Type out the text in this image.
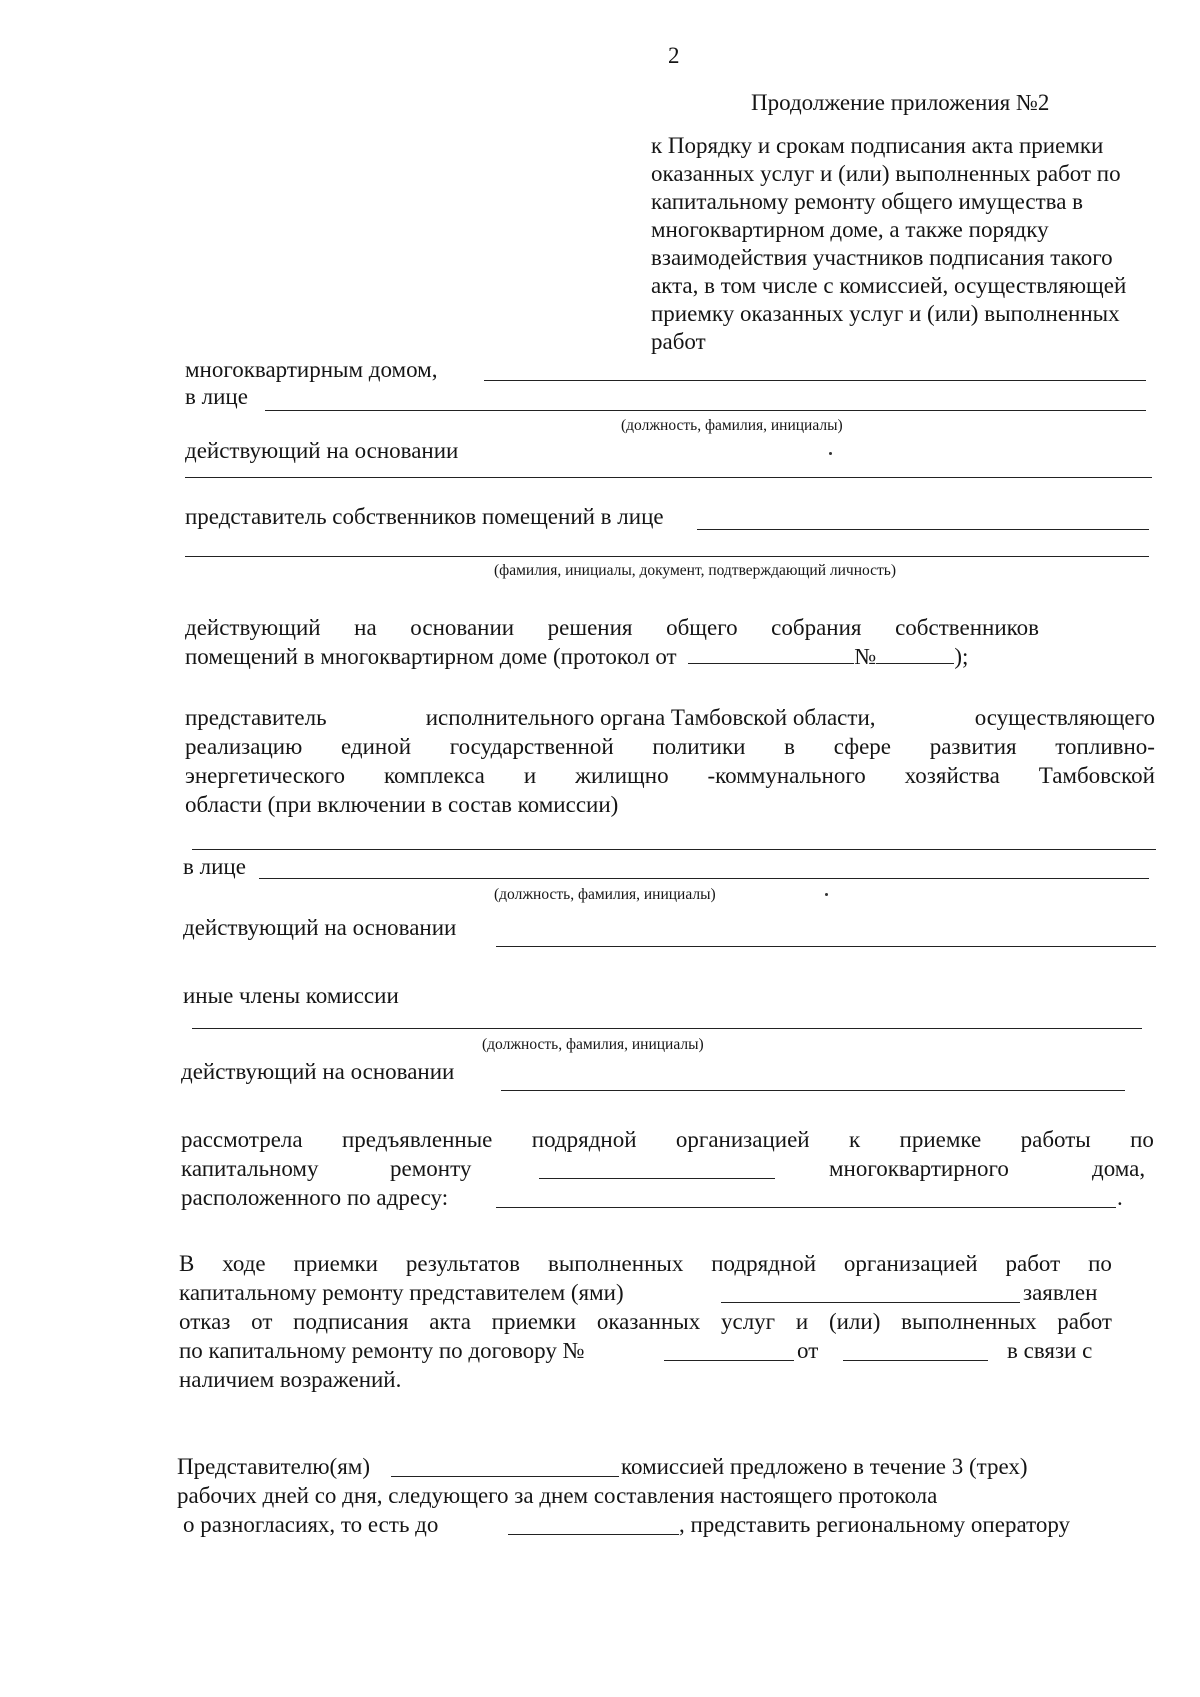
2
Продолжение приложения №2
к Порядку и срокам подписания акта приемки
оказанных услуг и (или) выполненных работ по
капитальному ремонту общего имущества в
многоквартирном доме, а также порядку
взаимодействия участников подписания такого
акта, в том числе с комиссией, осуществляющей
приемку оказанных услуг и (или) выполненных
работ
многоквартирным домом,
в лице
(должность, фамилия, инициалы)
действующий на основании
представитель собственников помещений в лице
(фамилия, инициалы, документ, подтверждающий личность)
действующий на основании решения общего собрания собственников
помещений в многоквартирном доме (протокол от	№	);
представитель	исполнительного органа Тамбовской области,	осуществляющего
реализацию единой государственной политики в сфере развития топливно-
энергетического комплекса и жилищно -коммунального хозяйства Тамбовской
области (при включении в состав комиссии)
в лице
(должность, фамилия, инициалы)
действующий на основании
иные члены комиссии
(должность, фамилия, инициалы)
действующий на основании
рассмотрела предъявленные подрядной организацией к приемке работы по
капитальному	ремонту	многоквартирного	дома,
расположенного по адресу:	.
В ходе приемки результатов выполненных подрядной организацией работ по
капитальному ремонту представителем (ями)	заявлен
отказ от подписания акта приемки оказанных услуг и (или) выполненных работ
по капитальному ремонту по договору №	от	в связи с
наличием возражений.
Представителю(ям)	комиссией предложено в течение 3 (трех)
рабочих дней со дня, следующего за днем составления настоящего протокола
о разногласиях, то есть до	, представить региональному оператору
